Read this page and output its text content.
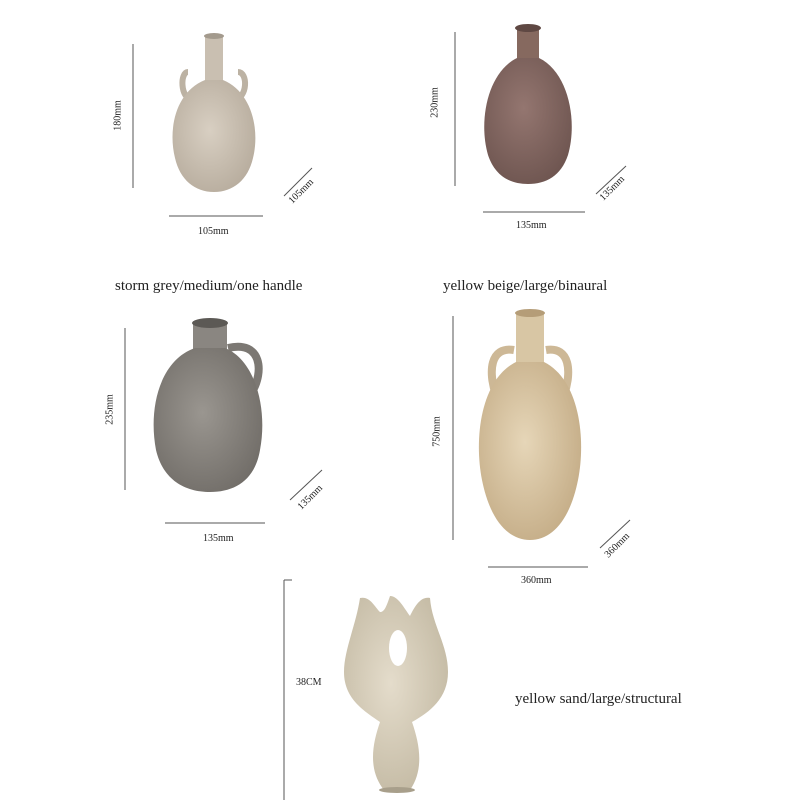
storm grey/medium/one handle	yellow beige/large/binaural
yellow sand/large/structural
180mm
105mm
105mm
230mm
135mm
135mm
235mm
135mm
135mm
750mm
360mm
360mm
38CM
